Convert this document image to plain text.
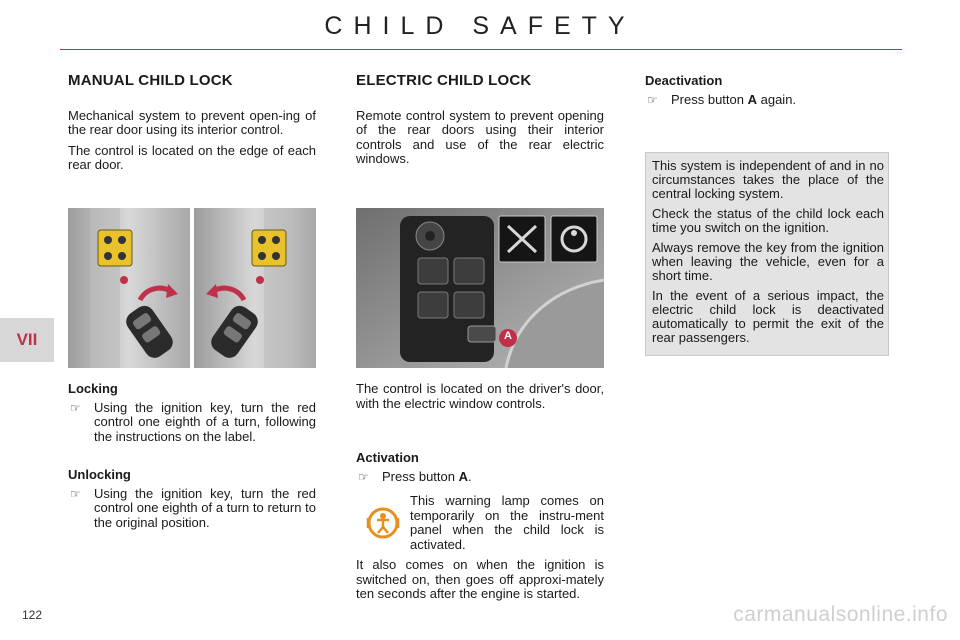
CHILD SAFETY
VII
122	carmanualsonline.info
MANUAL CHILD LOCK

Mechanical system to prevent open-ing of the rear door using its interior control.

The control is located on the edge of each rear door.

Locking
☞	Using the ignition key, turn the red control one eighth of a turn, following the instructions on the label.
Unlocking
☞	Using the ignition key, turn the red control one eighth of a turn to return to the original position.
ELECTRIC CHILD LOCK

Remote control system to prevent opening of the rear doors using their interior controls and use of the rear electric windows.

A

The control is located on the driver's door, with the electric window controls.

Activation
☞	Press button A.

This warning lamp comes on temporarily on the instru-ment panel when the child lock is activated.

It also comes on when the ignition is switched on, then goes off approxi-mately ten seconds after the engine is started.

Deactivation
☞	Press button A again.

This system is independent of and in no circumstances takes the place of the central locking system.

Check the status of the child lock each time you switch on the ignition.

Always remove the key from the ignition when leaving the vehicle, even for a short time.

In the event of a serious impact, the electric child lock is deactivated automatically to permit the exit of the rear passengers.
